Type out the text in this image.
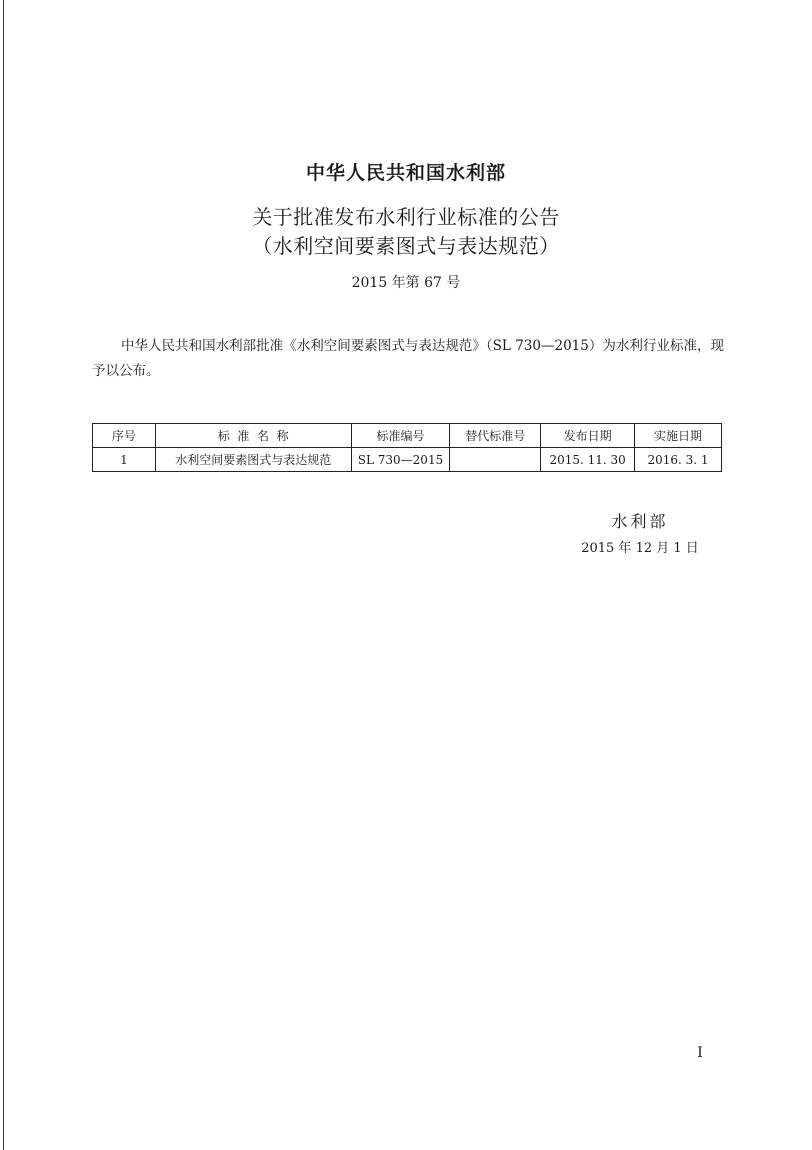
中华人民共和国水利部
关于批准发布水利行业标准的公告
（水利空间要素图式与表达规范）
2015 年第 67 号
中华人民共和国水利部批准《水利空间要素图式与表达规范》（SL 730—2015）为水利行业标准，现予以公布。
序号	标  准  名  称	标准编号	替代标准号	发布日期	实施日期
1	水利空间要素图式与表达规范	SL 730—2015		2015. 11. 30	2016. 3. 1
水利部
2015 年 12 月 1 日
I
